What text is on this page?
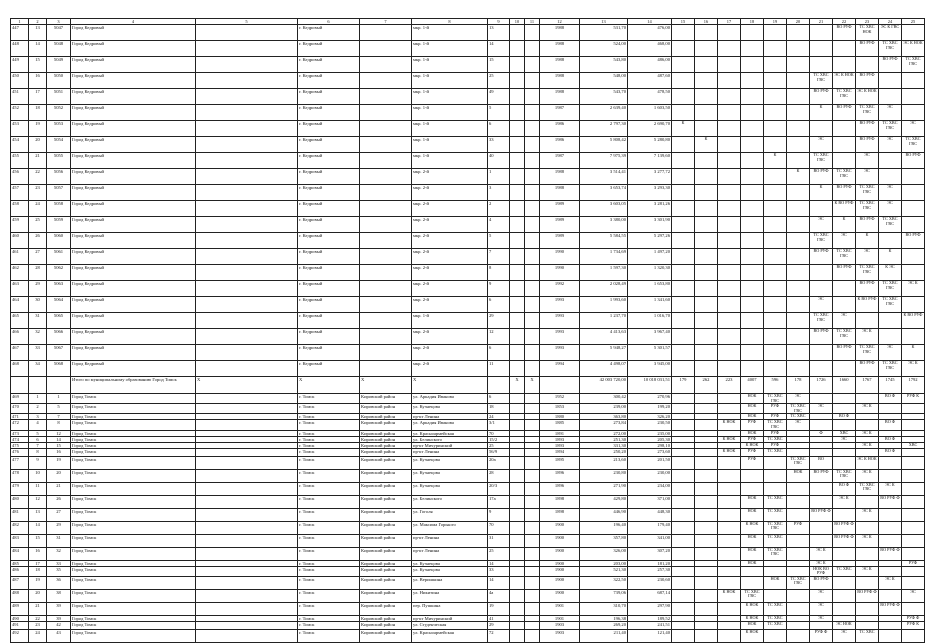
1	2	3	4	5	6	7	8	9	10	11	12	13	14	15	16	17	18	19	20	21	22	23	24	25
447	13	5047	Город Кедровый		г. Кедровый		мкр. 1-й	13			1988	531,70	476,00								ВО РУФ	ТС ХВС НОК	ЭС К ГВС	
448	14	5048	Город Кедровый		г. Кедровый		мкр. 1-й	14			1988	524,00	468,00									ВО РУФ	ТС ХВС ГВС	ЭС К НОК
449	15	5049	Город Кедровый		г. Кедровый		мкр. 1-й	15			1988	543,80	486,00										ВО РУФ	ТС ХВС ГВС
450	16	5050	Город Кедровый		г. Кедровый		мкр. 1-й	25			1988	548,00	487,60							ТС ХВС ГВС	ЭС К НОК	ВО РУФ		
451	17	5051	Город Кедровый		г. Кедровый		мкр. 1-й	49			1988	543,70	478,50							ВО РУФ	ТС ХВС ГВС	ЭС К НОК		
452	18	5052	Город Кедровый		г. Кедровый		мкр. 1-й	5			1987	2 639,40	1 603,50							К	ВО РУФ	ТС ХВС ГВС	ЭС	
453	19	5053	Город Кедровый		г. Кедровый		мкр. 1-й	6			1986	2 797,30	2 690,70	К								ВО РУФ	ТС ХВС ГВС	ЭС
454	20	5054	Город Кедровый		г. Кедровый		мкр. 1-й	33			1986	5 808,42	5 280,80		К					ЭС		ВО РУФ	ЭС	ТС ХВС ГВС
455	21	5055	Город Кедровый		г. Кедровый		мкр. 1-й	40			1987	7 975,39	7 139,60					К		ТС ХВС ГВС		ЭС		ВО РУФ
456	22	5056	Город Кедровый		г. Кедровый		мкр. 2-й	1			1988	3 514,41	3 277,72						К	ВО РУФ	ТС ХВС ГВС	ЭС		
457	23	5057	Город Кедровый		г. Кедровый		мкр. 2-й	3			1988	3 653,74	3 293,30							К	ВО РУФ	ТС ХВС ГВС	ЭС	
458	24	5058	Город Кедровый		г. Кедровый		мкр. 2-й	2			1989	3 603,05	3 281,26								К ВО РУФ	ТС ХВС ГВС	ЭС	
459	25	5059	Город Кедровый		г. Кедровый		мкр. 2-й	4			1989	3 380,00	3 301,90							ЭС	К	ВО РУФ	ТС ХВС ГВС	
460	26	5060	Город Кедровый		г. Кедровый		мкр. 2-й	5			1989	5 584,55	5 297,26							ТС ХВС ГВС	ЭС	К		ВО РУФ
461	27	5061	Город Кедровый		г. Кедровый		мкр. 2-й	7			1990	1 734,69	1 497,20							ВО РУФ	ТС ХВС ГВС	ЭС	К	
462	28	5062	Город Кедровый		г. Кедровый		мкр. 2-й	8			1990	1 597,30	1 320,30								ВО РУФ	ТС ХВС ГВС	К ЭС	
463	29	5063	Город Кедровый		г. Кедровый		мкр. 2-й	9			1992	2 028,49	1 653,80									ВО РУФ	ТС ХВС ГВС	ЭС К
464	30	5064	Город Кедровый		г. Кедровый		мкр. 2-й	6			1993	1 993,60	1 341,60							ЭС		К ВО РУФ	ТС ХВС ГВС	
465	31	5065	Город Кедровый		г. Кедровый		мкр. 1-й	29			1993	1 237,70	1 016,70							ТС ХВС ГВС	ЭС			К ВО РУФ
466	32	5066	Город Кедровый		г. Кедровый		мкр. 2-й	12			1993	4 413,63	3 967,40							ВО РУФ	ТС ХВС ГВС	ЭС К		
467	33	5067	Город Кедровый		г. Кедровый		мкр. 2-й	6			1993	5 948,27	5 301,57								ВО РУФ	ТС ХВС ГВС	ЭС	К
468	34	5068	Город Кедровый		г. Кедровый		мкр. 2-й	11			1994	4 498,07	3 945,00									ВО РУФ	ТС ХВС ГВС	ЭС К
			Итого по муниципальному образованию Город Томск	X	X	X	X		X	X		42 003 720,00	10 018 031,51	179	262	223	4007	596	178	1726	1660	1767	1745	1792
469	1	1	Город Томск		г. Томск	Кировский район	ул. Аркадия Иванова	6			1952	300,42	270,96				НОК	ТС ХВС ГВС	ЭС				ВО Ф	РУФ К
470	2	5	Город Томск		г. Томск	Кировский район	ул. Кузнецова	18			1853	239,00	199,20				НОК	РУФ	ТС ХВС ГВС	ЭС		ЭС К		
471	3	7	Город Томск		г. Томск	Кировский район	пр-кт Ленина	24			1880	363,80	326,20				НОК	РУФ	ТС ХВС		ВО Ф			
472	4	8	Город Томск		г. Томск	Кировский район	ул. Аркадия Иванова	3/1			1885	273,84	230,50			К НОК	РУФ	ТС ХВС ГВС	ЭС				ВО Ф	
473	5	12	Город Томск		г. Томск	Кировский район	ул. Красноармейская	70			1891	272,00	235,00				НОК	РУФ		Ф	ХВС	ЭС К		
474	6	14	Город Томск		г. Томск	Кировский район	ул. Белинского	15/2			1893	251,30	205,30			К НОК	РУФ	ТС ХВС			ЭС		ВО Ф	
475	7	15	Город Томск		г. Томск	Кировский район	пр-кт Мичуринский	25			1893	331,30	298,10				К НОК	РУФ				ЭС К		ХВС
476	8	16	Город Томск		г. Томск	Кировский район	пр-кт Ленина	56/9			1894	250,20	273,60			К НОК	РУФ	ТС ХВС					ВО Ф	
477	9	19	Город Томск		г. Томск	Кировский район	ул. Кузнецова	20а			1895	213,60	201,50				РУФ		ТС ХВС ГВС	ВО		ЭС К НОК		
478	10	20	Город Томск		г. Томск	Кировский район	ул. Кузнецова	28			1896	230,80	230,00						НОК	ВО РУФ	ТС ХВС ГВС	ЭС К		
479	11	21	Город Томск		г. Томск	Кировский район	ул. Кузнецова	20/3			1896	271,90	234,00								ВО Ф	ТС ХВС ГВС	ЭС К	
480	12	26	Город Томск		г. Томск	Кировский район	ул. Белинского	17а			1898	429,80	371,00				НОК	ТС ХВС			ЭС К		ВО РУФ Ф	
481	13	27	Город Томск		г. Томск	Кировский район	ул. Гоголя	9			1898	446,90	448,30				НОК	ТС ХВС		ВО РУФ Ф		ЭС К		
482	14	29	Город Томск		г. Томск	Кировский район	ул. Максима Горького	70			1900	196,40	179,40				К НОК	ТС ХВС ГВС	РУФ		ВО РУФ Ф			
483	15	31	Город Томск		г. Томск	Кировский район	пр-кт Ленина	31			1900	357,80	341,00				НОК	ТС ХВС			ВО РУФ Ф	ЭС К		
484	16	32	Город Томск		г. Томск	Кировский район	пр-кт Ленина	25			1900	326,00	307,20				НОК	ТС ХВС ГВС		ЭС К			ВО РУФ Ф	
485	17	33	Город Томск		г. Томск	Кировский район	ул. Кузнецова	14			1900	203,00	181,20				НОК			ЭС К				РУФ
486	18	35	Город Томск		г. Томск	Кировский район	ул. Кузнецова	33			1900	521,30	257,30							НОК ВО РУФ	ТС ХВС	ЭС К		
487	19	36	Город Томск		г. Томск	Кировский район	ул. Веришкина	14			1900	322,50	230,60					НОК	ТС ХВС ГВС	ВО РУФ			ЭС К	
488	20	38	Город Томск		г. Томск	Кировский район	ул. Никитина	4а			1900	739,06	687,14			К НОК	ТС ХВС ГВС			ЭС		ВО РУФ Ф		ЭС
489	21	39	Город Томск		г. Томск	Кировский район	пер. Пушкина	19			1901	310,70	297,90				К НОК	ТС ХВС		ЭС			ВО РУФ Ф	
490	22	39	Город Томск		г. Томск	Кировский район	пр-кт Мичуринский	41			1901	196,38	189,52				К НОК	ТС ХВС		ЭС				РУФ Ф
491	23	42	Город Томск		г. Томск	Кировский район	ул. Студенческая	29			1903	269,20	241,51				НОК	ТС ХВС			ЭС НОК			РУФ К
492	24	43	Город Томск		г. Томск	Кировский район	ул. Красноармейская	72			1903	211,40	121,40				К НОК			РУФ Ф	ЭС	ТС ХВС		
